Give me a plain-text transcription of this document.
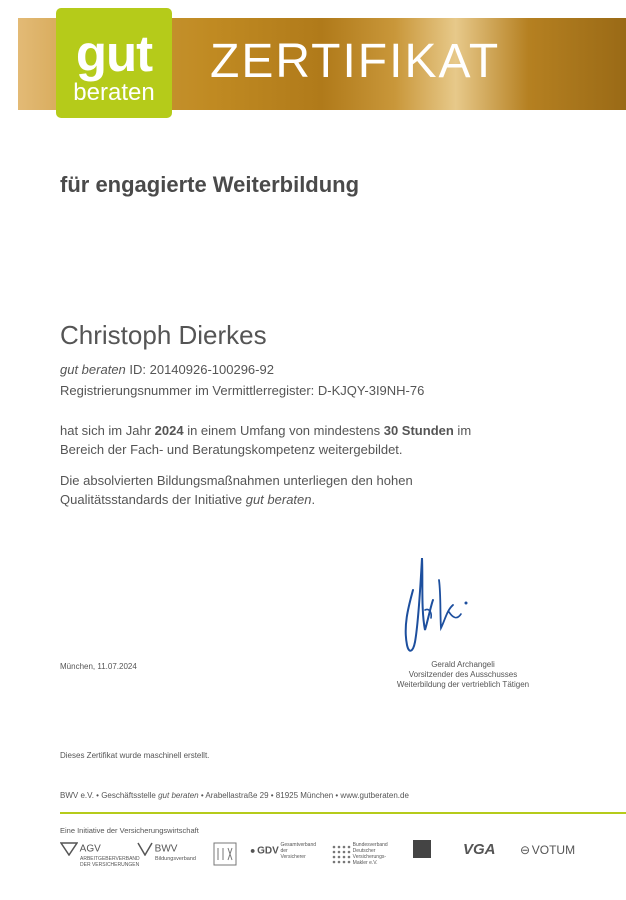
gut
beraten
ZERTIFIKAT
für engagierte Weiterbildung
Christoph Dierkes
gut beraten ID: 20140926-100296-92
Registrierungsnummer im Vermittlerregister: D-KJQY-3I9NH-76
hat sich im Jahr 2024 in einem Umfang von mindestens 30 Stunden im
Bereich der Fach- und Beratungskompetenz weitergebildet.
Die absolvierten Bildungsmaßnahmen unterliegen den hohen
Qualitätsstandards der Initiative gut beraten.
München, 11.07.2024	Gerald Archangeli
Vorsitzender des Ausschusses
Weiterbildung der vertrieblich Tätigen
Dieses Zertifikat wurde maschinell erstellt.
BWV e.V. • Geschäftsstelle gut beraten • Arabellastraße 29 • 81925 München • www.gutberaten.de
Eine Initiative der Versicherungswirtschaft
AGV
ARBEITGEBERVERBAND DER VERSICHERUNGEN
BWV
Bildungsverband
● GDV Gesamtverband der Versicherer
Bundesverband Deutscher Versicherungs-Makler e.V.
VGA ⊖ VOTUM
